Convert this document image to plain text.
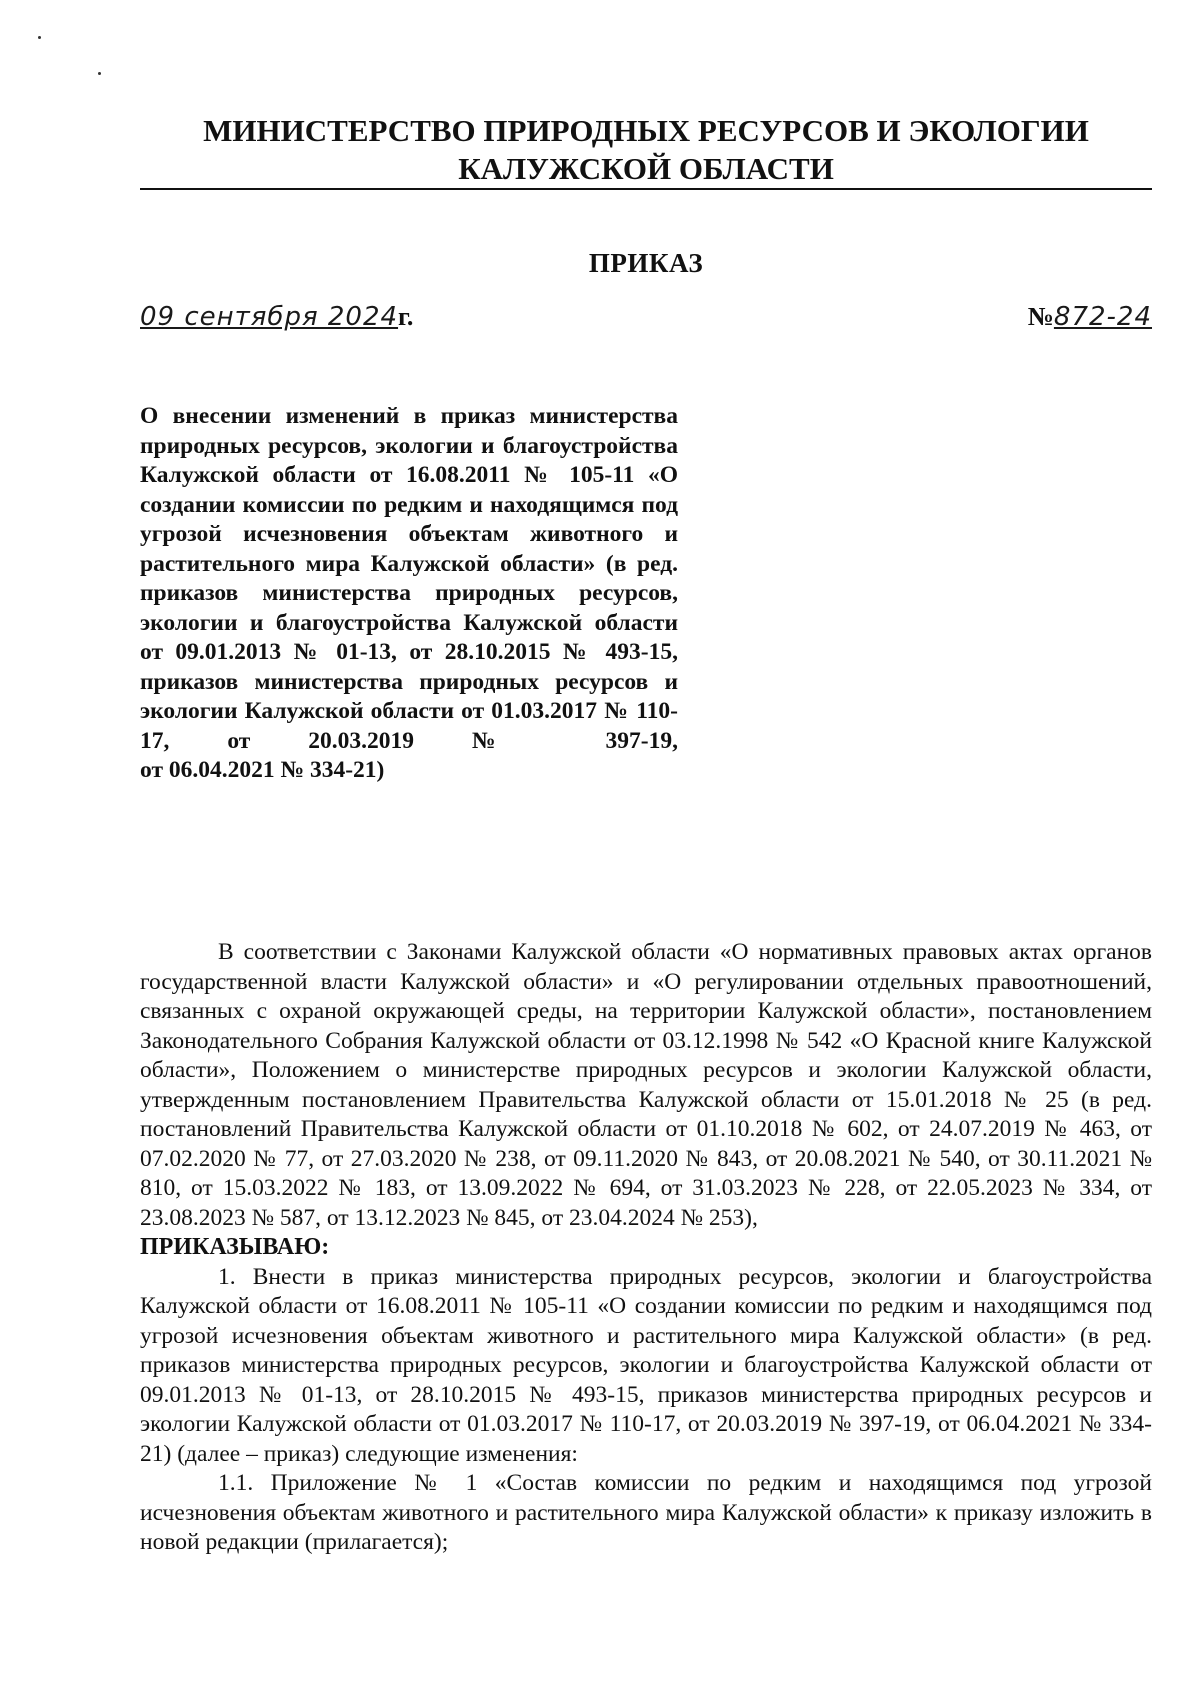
МИНИСТЕРСТВО ПРИРОДНЫХ РЕСУРСОВ И ЭКОЛОГИИ
КАЛУЖСКОЙ ОБЛАСТИ
ПРИКАЗ
09 сентября 2024г.	№872-24
О внесении изменений в приказ министерства природных ресурсов, экологии и благоустройства Калужской области от 16.08.2011 № 105-11 «О создании комиссии по редким и находящимся под угрозой исчезновения объектам животного и растительного мира Калужской области» (в ред. приказов министерства природных ресурсов, экологии и благоустройства Калужской области от 09.01.2013 № 01-13, от 28.10.2015 № 493-15, приказов министерства природных ресурсов и экологии Калужской области от 01.03.2017 № 110-17, от 20.03.2019 № 397-19,
от 06.04.2021 № 334-21)

В соответствии с Законами Калужской области «О нормативных правовых актах органов государственной власти Калужской области» и «О регулировании отдельных правоотношений, связанных с охраной окружающей среды, на территории Калужской области», постановлением Законодательного Собрания Калужской области от 03.12.1998 № 542 «О Красной книге Калужской области», Положением о министерстве природных ресурсов и экологии Калужской области, утвержденным постановлением Правительства Калужской области от 15.01.2018 № 25 (в ред. постановлений Правительства Калужской области от 01.10.2018 № 602, от 24.07.2019 № 463, от 07.02.2020 № 77, от 27.03.2020 № 238, от 09.11.2020 № 843, от 20.08.2021 № 540, от 30.11.2021 № 810, от 15.03.2022 № 183, от 13.09.2022 № 694, от 31.03.2023 № 228, от 22.05.2023 № 334, от 23.08.2023 № 587, от 13.12.2023 № 845, от 23.04.2024 № 253),

ПРИКАЗЫВАЮ:

1. Внести в приказ министерства природных ресурсов, экологии и благоустройства Калужской области от 16.08.2011 № 105-11 «О создании комиссии по редким и находящимся под угрозой исчезновения объектам животного и растительного мира Калужской области» (в ред. приказов министерства природных ресурсов, экологии и благоустройства Калужской области от 09.01.2013 № 01-13, от 28.10.2015 № 493-15, приказов министерства природных ресурсов и экологии Калужской области от 01.03.2017 № 110-17, от 20.03.2019 № 397-19, от 06.04.2021 № 334-21) (далее – приказ) следующие изменения:

1.1. Приложение № 1 «Состав комиссии по редким и находящимся под угрозой исчезновения объектам животного и растительного мира Калужской области» к приказу изложить в новой редакции (прилагается);
